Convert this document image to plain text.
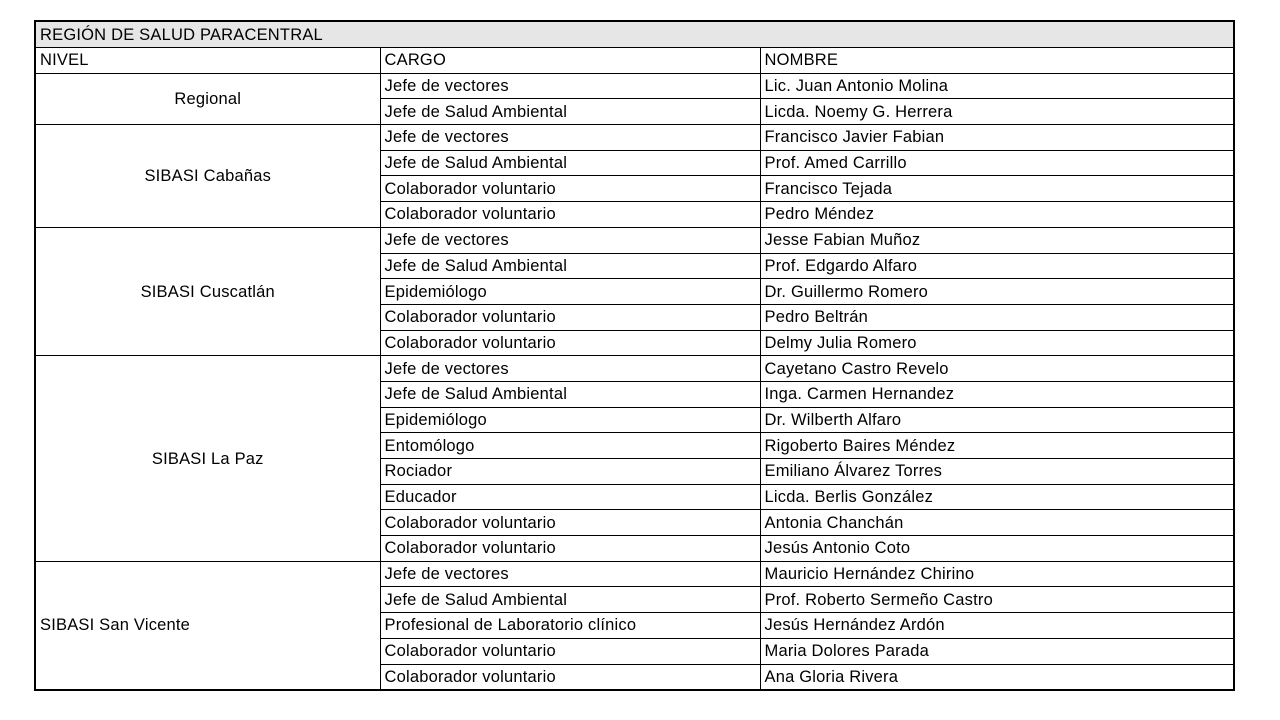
REGIÓN DE SALUD PARACENTRAL		
NIVEL	CARGO	NOMBRE
Regional	Jefe de vectores	Lic. Juan Antonio Molina
	Jefe de Salud Ambiental	Licda. Noemy G. Herrera
SIBASI Cabañas	Jefe de vectores	Francisco Javier Fabian
	Jefe de Salud Ambiental	Prof. Amed Carrillo
	Colaborador voluntario	Francisco Tejada
	Colaborador voluntario	Pedro Méndez
SIBASI Cuscatlán	Jefe de vectores	Jesse Fabian Muñoz
	Jefe de Salud Ambiental	Prof. Edgardo Alfaro
	Epidemiólogo	Dr. Guillermo Romero
	Colaborador voluntario	Pedro Beltrán
	Colaborador voluntario	Delmy Julia Romero
SIBASI La Paz	Jefe de vectores	Cayetano Castro Revelo
	Jefe de Salud Ambiental	Inga. Carmen Hernandez
	Epidemiólogo	Dr. Wilberth Alfaro
	Entomólogo	Rigoberto Baires Méndez
	Rociador	Emiliano Álvarez Torres
	Educador	Licda. Berlis González
	Colaborador voluntario	Antonia Chanchán
	Colaborador voluntario	Jesús Antonio Coto
SIBASI San Vicente	Jefe de vectores	Mauricio Hernández Chirino
	Jefe de Salud Ambiental	Prof. Roberto Sermeño Castro
	Profesional de Laboratorio clínico	Jesús Hernández Ardón
	Colaborador voluntario	Maria Dolores Parada
	Colaborador voluntario	Ana Gloria Rivera
